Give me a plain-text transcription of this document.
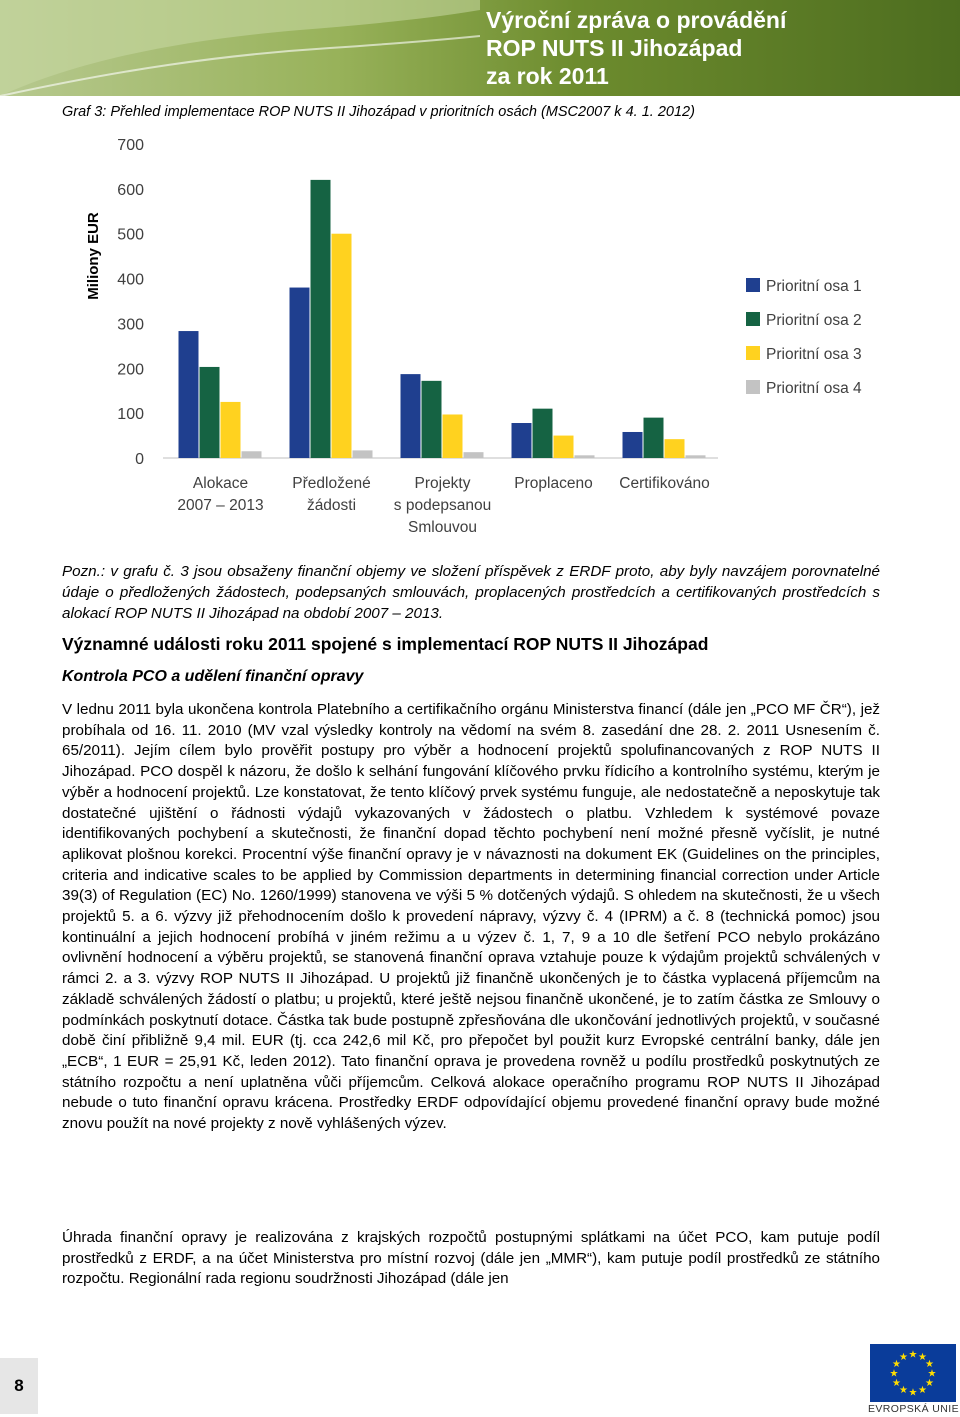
Výroční zpráva o provádění
ROP NUTS II Jihozápad
za rok 2011
Graf 3: Přehled implementace ROP NUTS II Jihozápad v prioritních osách (MSC2007 k 4. 1. 2012)
Miliony EUR
0
100
200
300
400
500
600
700
Alokace
2007 – 2013
Předložené
žádosti
Projekty
s podepsanou
Smlouvou
Proplaceno Certifikováno
Prioritní osa 1
Prioritní osa 2
Prioritní osa 3
Prioritní osa 4
Pozn.: v grafu č. 3 jsou obsaženy finanční objemy ve složení příspěvek z ERDF proto, aby byly navzájem porovnatelné údaje o předložených žádostech, podepsaných smlouvách, proplacených prostředcích a certifikovaných prostředcích s alokací ROP NUTS II Jihozápad na období 2007 – 2013.
Významné události roku 2011 spojené s implementací ROP NUTS II Jihozápad
Kontrola PCO a udělení finanční opravy
V lednu 2011 byla ukončena kontrola Platebního a certifikačního orgánu Ministerstva financí (dále jen „PCO MF ČR“), jež probíhala od 16. 11. 2010 (MV vzal výsledky kontroly na vědomí na svém 8. zasedání dne 28. 2. 2011 Usnesením č. 65/2011). Jejím cílem bylo prověřit postupy pro výběr a hodnocení projektů spolufinancovaných z ROP NUTS II Jihozápad. PCO dospěl k názoru, že došlo k selhání fungování klíčového prvku řídicího a kontrolního systému, kterým je výběr a hodnocení projektů. Lze konstatovat, že tento klíčový prvek systému funguje, ale nedostatečně a neposkytuje tak dostatečné ujištění o řádnosti výdajů vykazovaných v žádostech o platbu. Vzhledem k systémové povaze identifikovaných pochybení a skutečnosti, že finanční dopad těchto pochybení není možné přesně vyčíslit, je nutné aplikovat plošnou korekci. Procentní výše finanční opravy je v návaznosti na dokument EK (Guidelines on the principles, criteria and indicative scales to be applied by Commission departments in determining financial correction under Article 39(3) of Regulation (EC) No. 1260/1999) stanovena ve výši 5 % dotčených výdajů. S ohledem na skutečnosti, že u všech projektů 5. a 6. výzvy již přehodnocením došlo k provedení nápravy, výzvy č. 4 (IPRM) a č. 8 (technická pomoc) jsou kontinuální a jejich hodnocení probíhá v jiném režimu a u výzev č. 1, 7, 9 a 10 dle šetření PCO nebylo prokázáno ovlivnění hodnocení a výběru projektů, se stanovená finanční oprava vztahuje pouze k výdajům projektů schválených v rámci 2. a 3. výzvy ROP NUTS II Jihozápad. U projektů již finančně ukončených je to částka vyplacená příjemcům na základě schválených žádostí o platbu; u projektů, které ještě nejsou finančně ukončené, je to zatím částka ze Smlouvy o podmínkách poskytnutí dotace. Částka tak bude postupně zpřesňována dle ukončování jednotlivých projektů, v současné době činí přibližně 9,4 mil. EUR (tj. cca 242,6 mil Kč, pro přepočet byl použit kurz Evropské centrální banky, dále jen „ECB“, 1 EUR = 25,91 Kč, leden 2012). Tato finanční oprava je provedena rovněž u podílu prostředků poskytnutých ze státního rozpočtu a není uplatněna vůči příjemcům. Celková alokace operačního programu ROP NUTS II Jihozápad nebude o tuto finanční opravu krácena. Prostředky ERDF odpovídající objemu provedené finanční opravy bude možné znovu použít na nové projekty z nově vyhlášených výzev.
Úhrada finanční opravy je realizována z krajských rozpočtů postupnými splátkami na účet PCO, kam putuje podíl prostředků z ERDF, a na účet Ministerstva pro místní rozvoj (dále jen „MMR“), kam putuje podíl prostředků ze státního rozpočtu. Regionální rada regionu soudržnosti Jihozápad (dále jen
8
★ ★
★
★
★
★
★
★
★
★
★
★
EVROPSKÁ UNIE
